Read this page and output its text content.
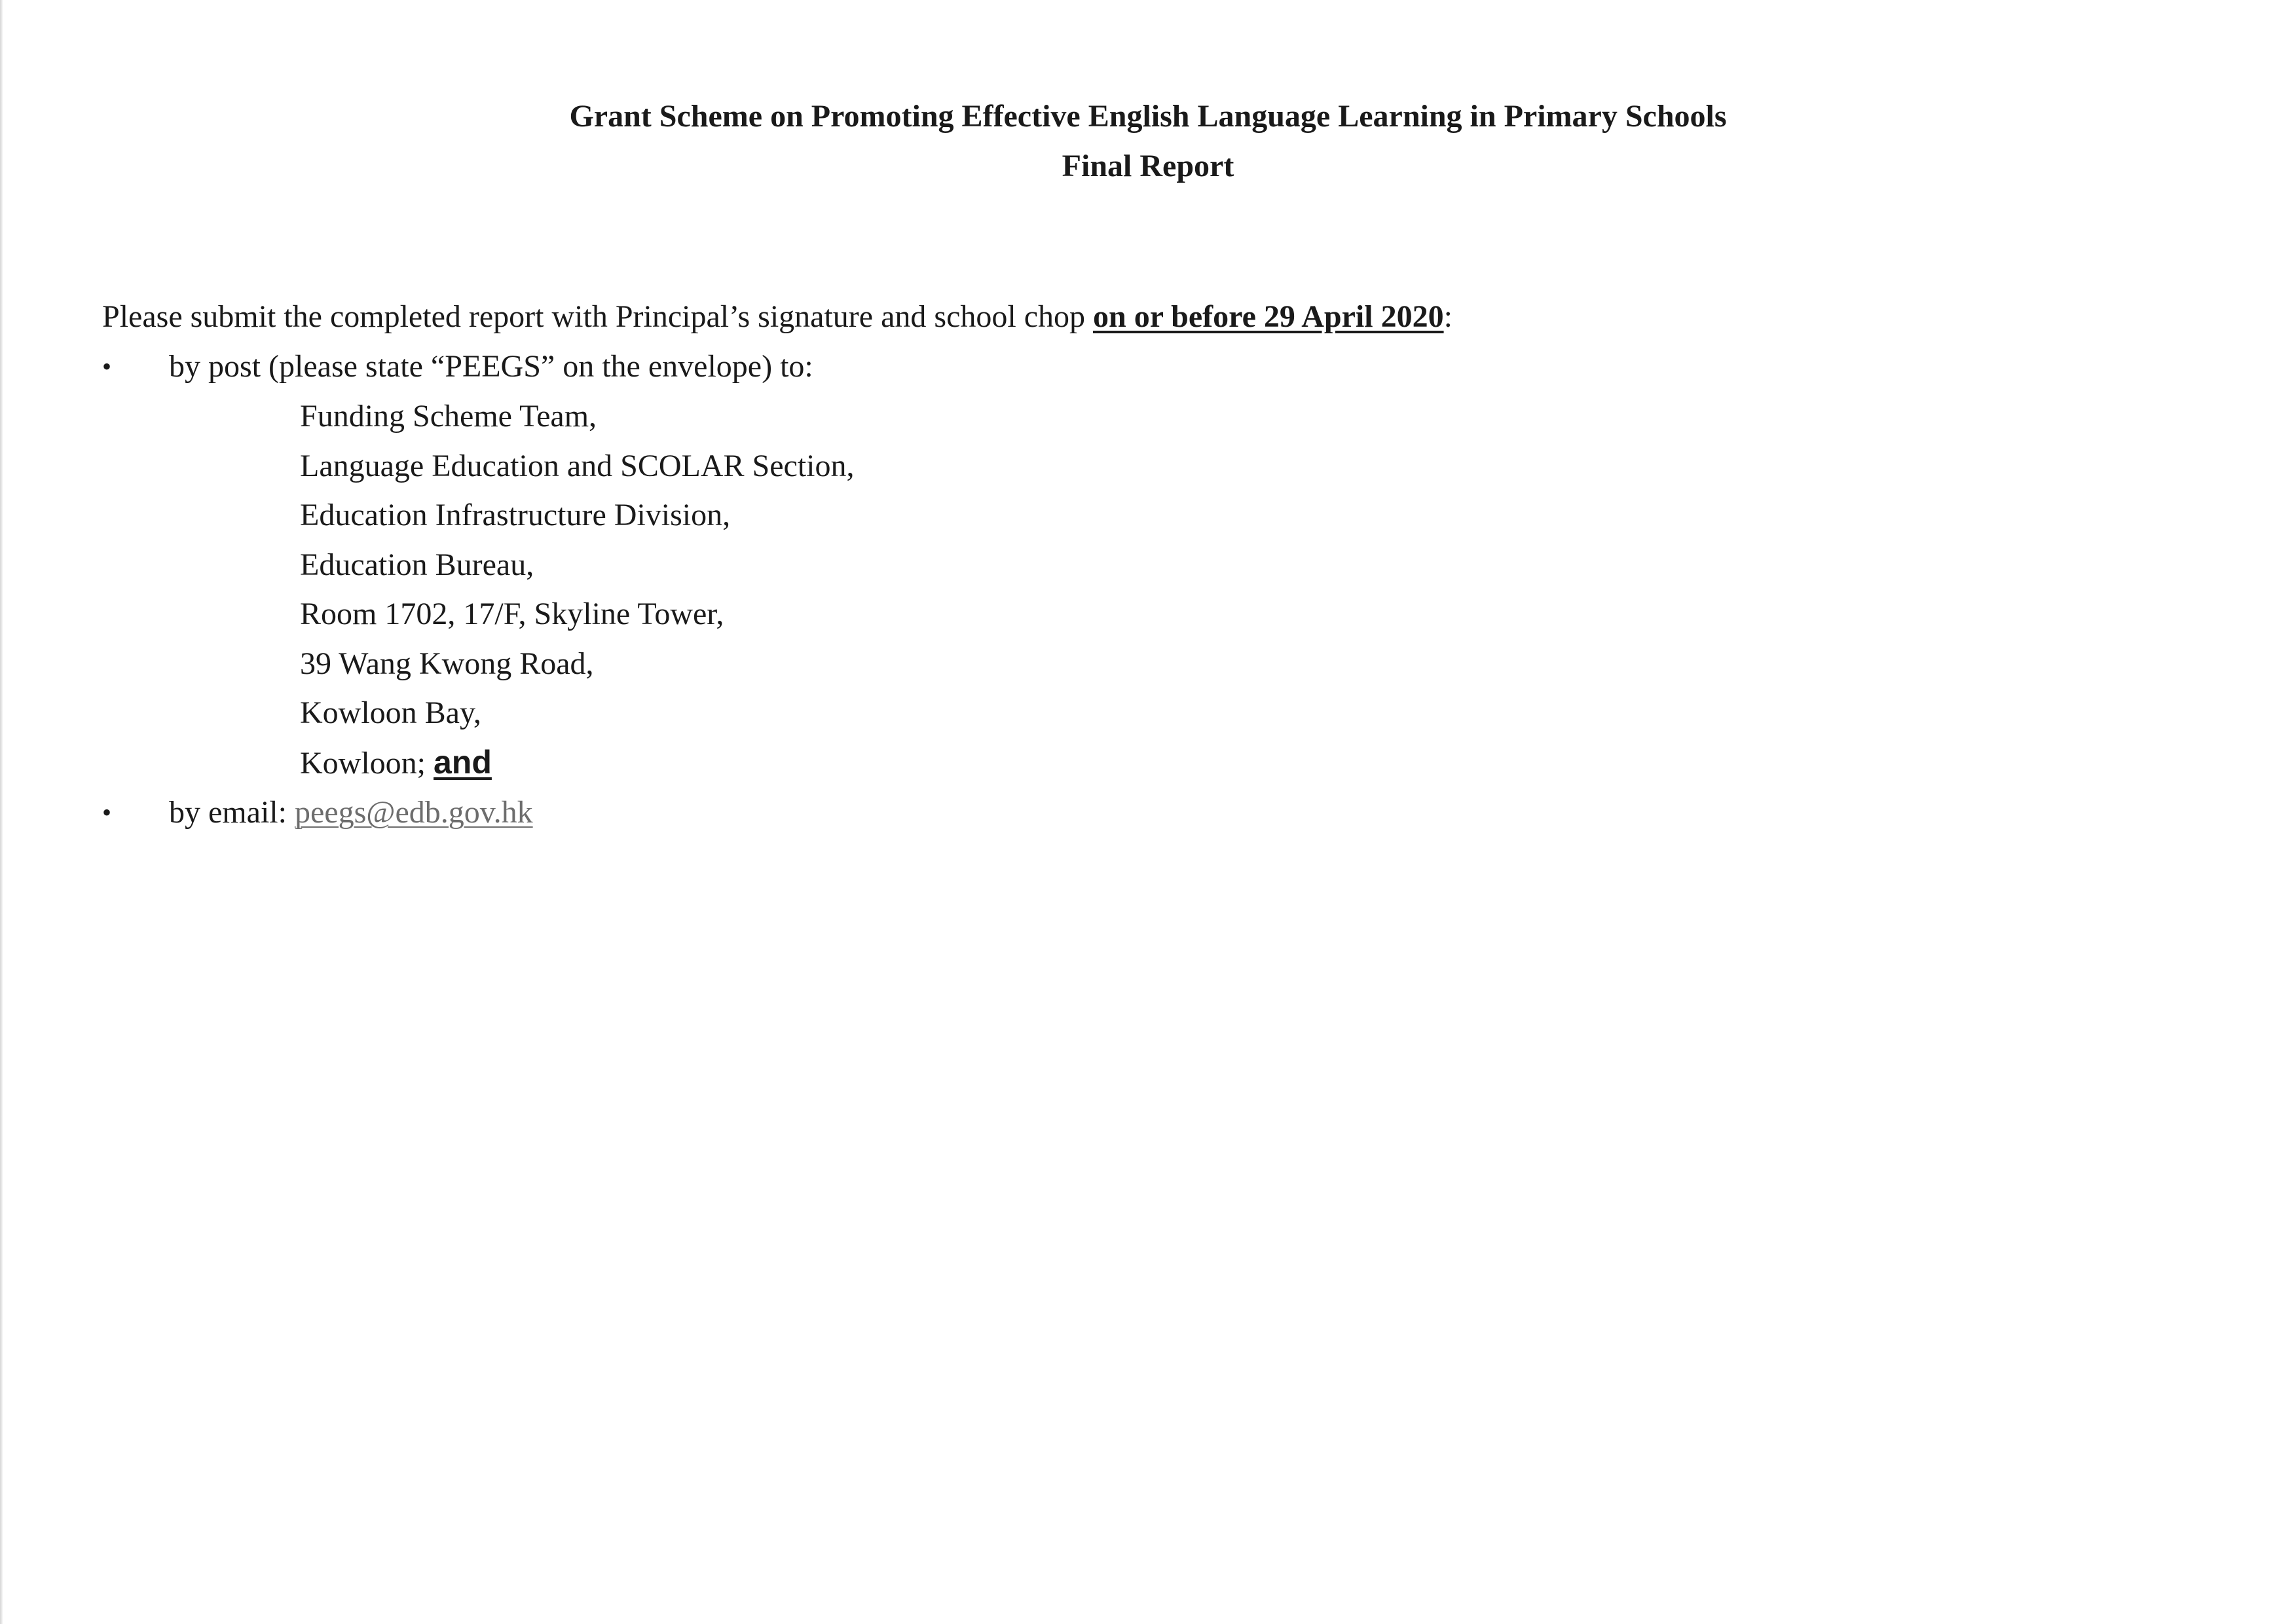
Grant Scheme on Promoting Effective English Language Learning in Primary Schools
Final Report
Please submit the completed report with Principal’s signature and school chop on or before 29 April 2020:
•	by post (please state “PEEGS” on the envelope) to:
Funding Scheme Team,
Language Education and SCOLAR Section,
Education Infrastructure Division,
Education Bureau,
Room 1702, 17/F, Skyline Tower,
39 Wang Kwong Road,
Kowloon Bay,
Kowloon; and
•	by email: peegs@edb.gov.hk
